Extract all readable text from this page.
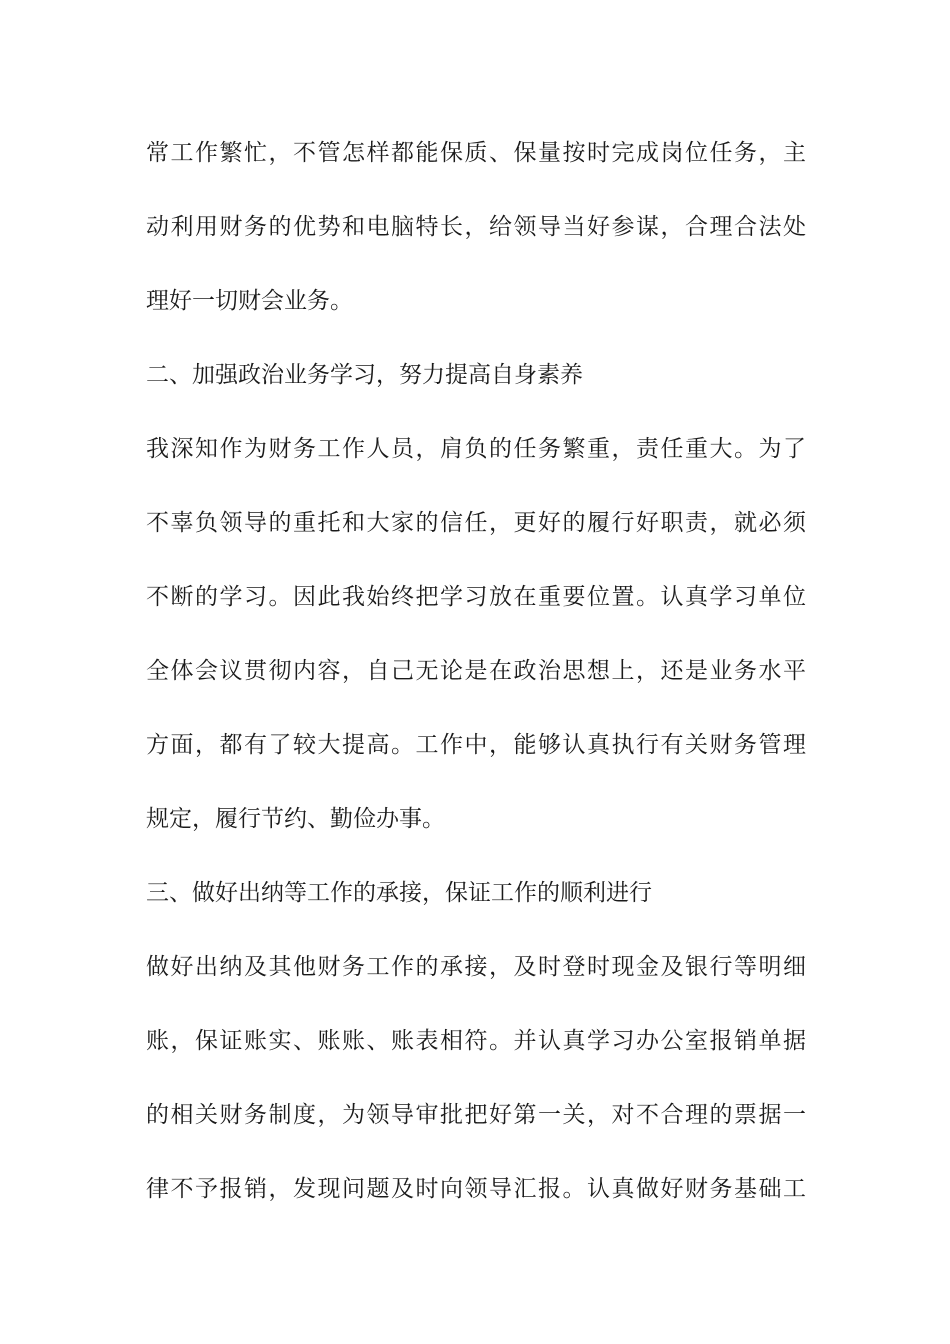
常工作繁忙，不管怎样都能保质、保量按时完成岗位任务，主
动利用财务的优势和电脑特长，给领导当好参谋，合理合法处
理好一切财会业务。
二、加强政治业务学习，努力提高自身素养
我深知作为财务工作人员，肩负的任务繁重，责任重大。为了
不辜负领导的重托和大家的信任，更好的履行好职责，就必须
不断的学习。因此我始终把学习放在重要位置。认真学习单位
全体会议贯彻内容，自己无论是在政治思想上，还是业务水平
方面，都有了较大提高。工作中，能够认真执行有关财务管理
规定，履行节约、勤俭办事。
三、做好出纳等工作的承接，保证工作的顺利进行
做好出纳及其他财务工作的承接，及时登时现金及银行等明细
账，保证账实、账账、账表相符。并认真学习办公室报销单据
的相关财务制度，为领导审批把好第一关，对不合理的票据一
律不予报销，发现问题及时向领导汇报。认真做好财务基础工
